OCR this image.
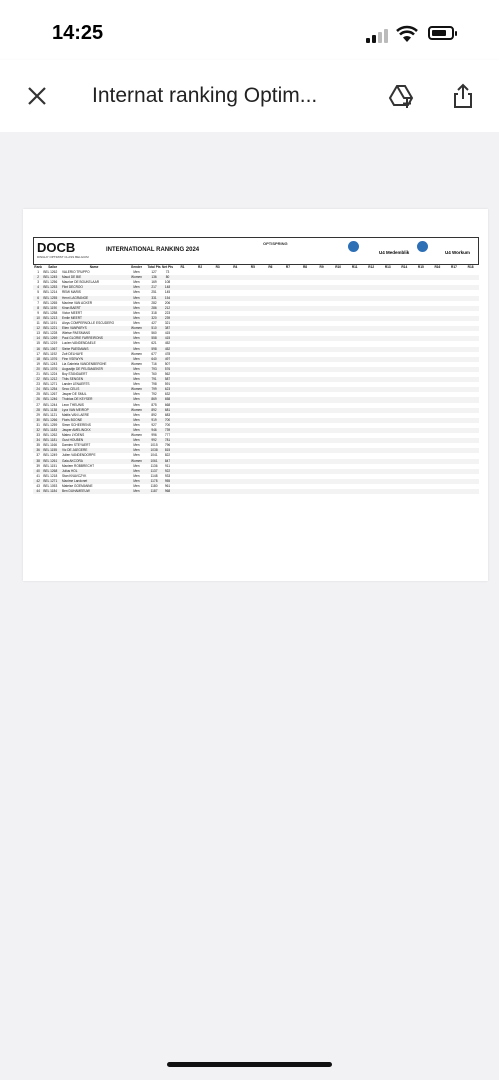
14:25
Internat ranking Optim...
DOCB
DINGHY OPTIMIST CLASS BELGIUM
INTERNATIONAL RANKING 2024
OPTISPRING
U4 Medemblik	U4 Workum
Rank	Sailor	Name	Gender	Total Pts	Net Pts	R1	R2	R3	R4	R5	R6	R7	R8	R9	R10	R11	R12	R13	R14	R15	R16	R17	R18
1	BEL 1262	VALERIO TRUPPO	Men	127	73																		
2	BEL 1245	Maud DE BIE	Women	136	80																		
3	BEL 1256	Maurice DE BOUKELAAR	Men	169	108																		
4	BEL 1253	Flint DECROO	Men	217	148																		
5	BEL 1214	REMI MARIS	Men	251	145																		
6	BEL 1255	Henri LAGRANGE	Men	331	154																		
7	BEL 1265	Maxime VAN ACKER	Men	282	206																		
8	BEL 1190	Kiran BAERT	Men	286	212																		
9	BEL 1258	Victor MEERT	Men	318	223																		
10	BEL 1213	Emile MEERT	Men	320	239																		
11	BEL 1191	Aloys COMPERNOLLE ESCUDERO	Men	427	321																		
12	BEL 1221	Elien VANPARYS	Women	510	387																		
13	BEL 1228	Wietse PAESMANS	Men	560	415																		
14	BEL 1269	Paul GLORIE FARREIRONS	Men	558	415																		
15	BEL 1219	Lucien VANDENDAELE	Men	621	452																		
16	BEL 1067	Siebe PAESMANS	Men	598	452																		
17	BEL 1192	Zoë DELHAYE	Women	677	478																		
18	BEL 1076	Finn VSEWYN	Men	640	497																		
19	BEL 1243	Lia Gabriela VANDENBERGHE	Women	716	507																		
20	BEL 1076	Augustijn DE PELSMAEKER	Men	793	576																		
21	BEL 1224	Boy STANDAERT	Men	760	562																		
22	BEL 1212	Thiis SENGEN	Men	791	587																		
23	BEL 1271	Lander LENAERTS	Men	798	591																		
24	BEL 1254	Seco CELIS	Women	799	623																		
25	BEL 1267	Jasper DE SMUL	Men	792	632																		
26	BEL 1246	Thobias DE KEYSER	Men	869	658																		
27	BEL 1244	Leon THEUNIS	Men	875	668																		
28	BEL 1138	Lyra VAN MEIROP	Women	892	681																		
29	BEL 1121	Mattis VAN LAERE	Men	892	683																		
30	BEL 1266	Floris BOONE	Men	919	700																		
31	BEL 1259	Simm SCHEERENS	Men	927	700																		
32	BEL 1183	Jasper AMELINCKX	Men	946	739																		
33	BEL 1262	Mateo LYDENS	Women	996	777																		
34	BEL 1181	Gust HOUBEN	Men	992	781																		
35	BEL 1166	Damien STEYAERT	Men	1015	796																		
36	BEL 1155	Vic DE JAEGERE	Men	1038	815																		
37	BEL 1249	Julien VANDENDORPE	Men	1041	822																		
38	BEL 1261	Gala AKCORA	Women	1061	847																		
39	BEL 1151	Maxiem ROBBRECHT	Men	1136	911																		
40	BEL 1268	Julius HOL	Men	1137	922																		
41	BEL 1218	Stan KNAVCZYK	Men	1148	933																		
42	BEL 1271	Maxime Landcnet	Men	1178	955																		
43	BEL 1053	Mateise GOEMANNE	Men	1180	961																		
44	BEL 1184	Ben DUHAMEEUW	Men	1187	968																		
